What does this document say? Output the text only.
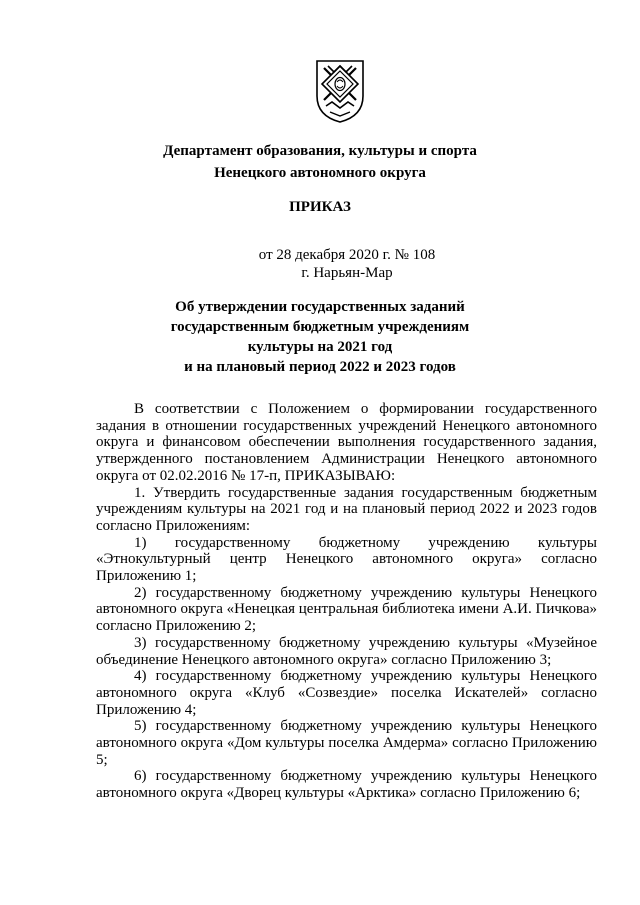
Департамент образования, культуры и спорта
Ненецкого автономного округа
ПРИКАЗ
от 28 декабря 2020 г. № 108
г. Нарьян-Мар
Об утверждении государственных заданий
государственным бюджетным учреждениям
культуры на 2021 год
и на плановый период 2022 и 2023 годов

В соответствии с Положением о формировании государственного задания в отношении государственных учреждений Ненецкого автономного округа и финансовом обеспечении выполнения государственного задания, утвержденного постановлением Администрации Ненецкого автономного округа от 02.02.2016 № 17-п, ПРИКАЗЫВАЮ:

1. Утвердить государственные задания государственным бюджетным учреждениям культуры на 2021 год и на плановый период 2022 и 2023 годов согласно Приложениям:

1) государственному бюджетному учреждению культуры «Этнокультурный центр Ненецкого автономного округа» согласно Приложению 1;

2) государственному бюджетному учреждению культуры Ненецкого автономного округа «Ненецкая центральная библиотека имени А.И. Пичкова» согласно Приложению 2;

3) государственному бюджетному учреждению культуры «Музейное объединение Ненецкого автономного округа» согласно Приложению 3;

4) государственному бюджетному учреждению культуры Ненецкого автономного округа «Клуб «Созвездие» поселка Искателей» согласно Приложению 4;

5) государственному бюджетному учреждению культуры Ненецкого автономного округа «Дом культуры поселка Амдерма» согласно Приложению 5;

6) государственному бюджетному учреждению культуры Ненецкого автономного округа «Дворец культуры «Арктика» согласно Приложению 6;
